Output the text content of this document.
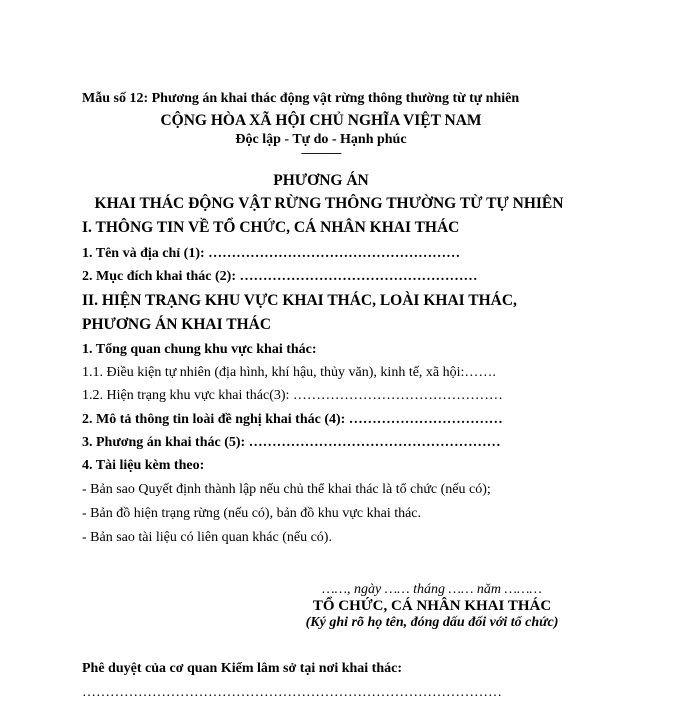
Mẫu số 12: Phương án khai thác động vật rừng thông thường từ tự nhiên
CỘNG HÒA XÃ HỘI CHỦ NGHĨA VIỆT NAM
Độc lập - Tự do - Hạnh phúc
---------------
PHƯƠNG ÁN
KHAI THÁC ĐỘNG VẬT RỪNG THÔNG THƯỜNG TỪ TỰ NHIÊN
I. THÔNG TIN VỀ TỔ CHỨC, CÁ NHÂN KHAI THÁC
1. Tên và địa chỉ (1): ………………………………………………
2. Mục đích khai thác (2): ……………………………………………
II. HIỆN TRẠNG KHU VỰC KHAI THÁC, LOÀI KHAI THÁC,
PHƯƠNG ÁN KHAI THÁC
1. Tổng quan chung khu vực khai thác:
1.1. Điều kiện tự nhiên (địa hình, khí hậu, thủy văn), kinh tế, xã hội:…….
1.2. Hiện trạng khu vực khai thác(3): ………………………………………
2. Mô tả thông tin loài đề nghị khai thác (4): ……………………………
3. Phương án khai thác (5): ………………………………………………
4. Tài liệu kèm theo:
- Bản sao Quyết định thành lập nếu chủ thể khai thác là tổ chức (nếu có);
- Bản đồ hiện trạng rừng (nếu có), bản đồ khu vực khai thác.
- Bản sao tài liệu có liên quan khác (nếu có).
……, ngày …… tháng …… năm ………
TỔ CHỨC, CÁ NHÂN KHAI THÁC
(Ký ghi rõ họ tên, đóng dấu đối với tổ chức)
Phê duyệt của cơ quan Kiểm lâm sở tại nơi khai thác:
………………………………………………………………………………
